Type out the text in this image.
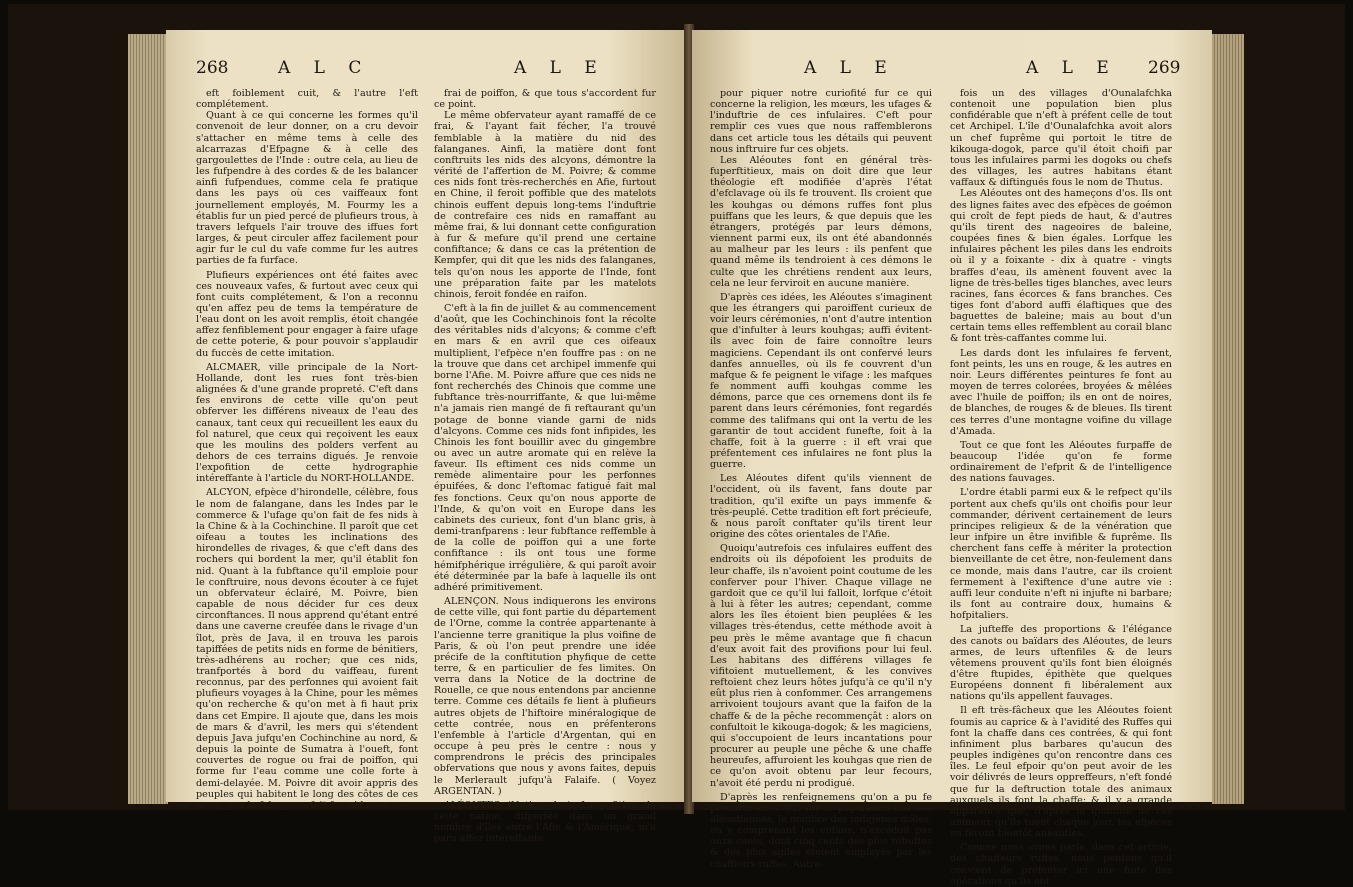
268	A L C	A L E

eft foiblement cuit, & l'autre l'eft complétement.

Quant à ce qui concerne les formes qu'il convenoit de leur donner, on a cru devoir s'attacher en même tems à celle des alcarrazas d'Efpagne & à celle des gargoulettes de l'Inde : outre cela, au lieu de les fufpendre à des cordes & de les balancer ainfi fufpendues, comme cela fe pratique dans les pays où ces vaiffeaux font journellement employés, M. Fourmy les a établis fur un pied percé de plufieurs trous, à travers lefquels l'air trouve des iffues fort larges, & peut circuler affez facilement pour agir fur le cul du vafe comme fur les autres parties de fa furface.

Plufieurs expériences ont été faites avec ces nouveaux vafes, & furtout avec ceux qui font cuits complétement, & l'on a reconnu qu'en affez peu de tems la température de l'eau dont on les avoit remplis, étoit changée affez fenfiblement pour engager à faire ufage de cette poterie, & pour pouvoir s'applaudir du fuccès de cette imitation.

ALCMAER, ville principale de la Nort-Hollande, dont les rues font très-bien alignées & d'une grande propreté. C'eft dans fes environs de cette ville qu'on peut obferver les différens niveaux de l'eau des canaux, tant ceux qui recueillent les eaux du fol naturel, que ceux qui reçoivent les eaux que les moulins des polders verfent au dehors de ces terrains digués. Je renvoie l'expofition de cette hydrographie intéreffante à l'article du NORT-HOLLANDE.

ALCYON, efpèce d'hirondelle, célèbre, fous le nom de falangane, dans les Indes par le commerce & l'ufage qu'on fait de fes nids à la Chine & à la Cochinchine. Il paroît que cet oifeau a toutes les inclinations des hirondelles de rivages, & que c'eft dans des rochers qui bordent la mer, qu'il établit fon nid. Quant à la fubftance qu'il emploie pour le conftruire, nous devons écouter à ce fujet un obfervateur éclairé, M. Poivre, bien capable de nous décider fur ces deux circonftances. Il nous apprend qu'étant entré dans une caverne creufée dans le rivage d'un îlot, près de Java, il en trouva les parois tapiffées de petits nids en forme de bénitiers, très-adhérens au rocher; que ces nids, tranfportés à bord du vaiffeau, furent reconnus, par des perfonnes qui avoient fait plufieurs voyages à la Chine, pour les mêmes qu'on recherche & qu'on met à fi haut prix dans cet Empire. Il ajoute que, dans les mois de mars & d'avril, les mers qui s'étendent depuis Java jufqu'en Cochinchine au nord, & depuis la pointe de Sumatra à l'oueft, font couvertes de rogue ou frai de poiffon, qui forme fur l'eau comme une colle forte à demi-delayée. M. Poivre dit avoir appris des peuples qui habitent le long des côtes de ces mers, que la falangane fait fon nid avec ce

frai de poiffon, & que tous s'accordent fur ce point.

Le même obfervateur ayant ramaffé de ce frai, & l'ayant fait fécher, l'a trouvé femblable à la matière du nid des falanganes. Ainfi, la matière dont font conftruits les nids des alcyons, démontre la vérité de l'affertion de M. Poivre; & comme ces nids font très-recherchés en Afie, furtout en Chine, il feroit poffible que des matelots chinois euffent depuis long-tems l'induftrie de contrefaire ces nids en ramaffant au même frai, & lui donnant cette configuration à fur & mefure qu'il prend une certaine confiftance; & dans ce cas la prétention de Kempfer, qui dit que les nids des falanganes, tels qu'on nous les apporte de l'Inde, font une préparation faite par les matelots chinois, feroit fondée en raifon.

C'eft à la fin de juillet & au commencement d'août, que les Cochinchinois font la récolte des véritables nids d'alcyons; & comme c'eft en mars & en avril que ces oifeaux multiplient, l'efpèce n'en fouffre pas : on ne la trouve que dans cet archipel immenfe qui borne l'Afie. M. Poivre affure que ces nids ne font recherchés des Chinois que comme une fubftance très-nourriffante, & que lui-même n'a jamais rien mangé de fi reftaurant qu'un potage de bonne viande garni de nids d'alcyons. Comme ces nids font infipides, les Chinois les font bouillir avec du gingembre ou avec un autre aromate qui en relève la faveur. Ils eftiment ces nids comme un remède alimentaire pour les perfonnes épuifées, & donc l'eftomac fatigué fait mal fes fonctions. Ceux qu'on nous apporte de l'Inde, & qu'on voit en Europe dans les cabinets des curieux, font d'un blanc gris, à demi-tranfparens : leur fubftance reffemble à de la colle de poiffon qui a une forte confiftance : ils ont tous une forme hémifphérique irrégulière, & qui paroît avoir été déterminée par la bafe à laquelle ils ont adhéré primitivement.

ALENÇON. Nous indiquerons les environs de cette ville, qui font partie du département de l'Orne, comme la contrée appartenante à l'ancienne terre granitique la plus voifine de Paris, & où l'on peut prendre une idée précife de la conftitution phyfique de cette terre, & en particulier de fes limites. On verra dans la Notice de la doctrine de Rouelle, ce que nous entendons par ancienne terre. Comme ces détails fe lient à plufieurs autres objets de l'hiftoire minéralogique de cette contrée, nous en préfenterons l'enfemble à l'article d'Argentan, qui en occupe à peu près le centre : nous y comprendrons le précis des principales obfervations que nous y avons faites, depuis le Merlerault jufqu'à Falaife. ( Voyez ARGENTAN. )

ALÉOUTES (Nation des). La pofition de cette nation, difperfée dans un grand nombre d'îles entre l'Afie & l'Amérique, m'a paru affez intéreffante

A L E	A L E 269

pour piquer notre curiofité fur ce qui concerne la religion, les mœurs, les ufages & l'induftrie de ces infulaires. C'eft pour remplir ces vues que nous raffemblerons dans cet article tous les détails qui peuvent nous inftruire fur ces objets.

Les Aléoutes font en général très-fuperftitieux, mais on doit dire que leur théologie eft modifiée d'après l'état d'efclavage où ils fe trouvent. Ils croient que les kouhgas ou démons ruffes font plus puiffans que les leurs, & que depuis que les étrangers, protégés par leurs démons, viennent parmi eux, ils ont été abandonnés au malheur par les leurs : ils penfent que quand même ils tendroient à ces démons le culte que les chrétiens rendent aux leurs, cela ne leur ferviroit en aucune manière.

D'après ces idées, les Aléoutes s'imaginent que les étrangers qui paroiffent curieux de voir leurs cérémonies, n'ont d'autre intention que d'infulter à leurs kouhgas; auffi évitent-ils avec foin de faire connoître leurs magiciens. Cependant ils ont confervé leurs danfes annuelles, où ils fe couvrent d'un mafque & fe peignent le vifage : les mafques fe nomment auffi kouhgas comme les démons, parce que ces ornemens dont ils fe parent dans leurs cérémonies, font regardés comme des talifmans qui ont la vertu de les garantir de tout accident funefte, foit à la chaffe, foit à la guerre : il eft vrai que préfentement ces infulaires ne font plus la guerre.

Les Aléoutes difent qu'ils viennent de l'occident, où ils favent, fans doute par tradition, qu'il exifte un pays immenfe & très-peuplé. Cette tradition eft fort précieufe, & nous paroît conftater qu'ils tirent leur origine des côtes orientales de l'Afie.

Quoiqu'autrefois ces infulaires euffent des endroits où ils dépofoient les produits de leur chaffe, ils n'avoient point coutume de les conferver pour l'hiver. Chaque village ne gardoit que ce qu'il lui falloit, lorfque c'étoit à lui à fêter les autres; cependant, comme alors les îles étoient bien peuplées & les villages très-étendus, cette méthode avoit à peu près le même avantage que fi chacun d'eux avoit fait des provifions pour lui feul. Les habitans des différens villages fe vifitoient mutuellement, & les convives reftoient chez leurs hôtes jufqu'à ce qu'il n'y eût plus rien à confommer. Ces arrangemens arrivoient toujours avant que la faifon de la chaffe & de la pêche recommençât : alors on confultoit le kikouga-dogok; & les magiciens, qui s'occupoient de leurs incantations pour procurer au peuple une pêche & une chaffe heureufes, affuroient les kouhgas que rien de ce qu'on avoit obtenu par leur fecours, n'avoit été perdu ni prodigué.

D'après les renfeignemens qu'on a pu fe procurer en 1792, fur la population des îles aléoutiennes, le nombre des indigènes mâles, en y comprenant les enfans, n'excédoit pas onze cents, dont cinq cents des plus robuftes & des plus agiles étoient employés par les chaffeurs ruffes. Autre-

fois un des villages d'Ounalafchka contenoit une population bien plus confidérable que n'eft à préfent celle de tout cet Archipel. L'île d'Ounalafchka avoit alors un chef fuprême qui portoit le titre de kikouga-dogok, parce qu'il étoit choifi par tous les infulaires parmi les dogoks ou chefs des villages, les autres habitans étant vaffaux & diftingués fous le nom de Thutus.

Les Aléoutes ont des hameçons d'os. Ils ont des lignes faites avec des efpèces de goémon qui croît de fept pieds de haut, & d'autres qu'ils tirent des nageoires de baleine, coupées fines & bien égales. Lorfque les infulaires pêchent les piles dans les endroits où il y a foixante - dix à quatre - vingts braffes d'eau, ils amènent fouvent avec la ligne de très-belles tiges blanches, avec leurs racines, fans écorces & fans branches. Ces tiges font d'abord auffi élaftiques que des baguettes de baleine; mais au bout d'un certain tems elles reffemblent au corail blanc & font très-caffantes comme lui.

Les dards dont les infulaires fe fervent, font peints, les uns en rouge, & les autres en noir. Leurs différentes peintures fe font au moyen de terres colorées, broyées & mêlées avec l'huile de poiffon; ils en ont de noires, de blanches, de rouges & de bleues. Ils tirent ces terres d'une montagne voifine du village d'Amada.

Tout ce que font les Aléoutes furpaffe de beaucoup l'idée qu'on fe forme ordinairement de l'efprit & de l'intelligence des nations fauvages.

L'ordre établi parmi eux & le refpect qu'ils portent aux chefs qu'ils ont choifis pour leur commander, dérivent certainement de leurs principes religieux & de la vénération que leur infpire un être invifible & fuprême. Ils cherchent fans ceffe à mériter la protection bienveillante de cet être, non-feulement dans ce monde, mais dans l'autre, car ils croient fermement à l'exiftence d'une autre vie : auffi leur conduite n'eft ni injufte ni barbare; ils font au contraire doux, humains & hofpitaliers.

La jufteffe des proportions & l'élégance des canots ou baïdars des Aléoutes, de leurs armes, de leurs uftenfiles & de leurs vêtemens prouvent qu'ils font bien éloignés d'être ftupides, épithète que quelques Européens donnent fi libéralement aux nations qu'ils appellent fauvages.

Il eft très-fâcheux que les Aléoutes foient foumis au caprice & à l'avidité des Ruffes qui font la chaffe dans ces contrées, & qui font infiniment plus barbares qu'aucun des peuples indigènes qu'on rencontre dans ces îles. Le feul efpoir qu'on peut avoir de les voir délivrés de leurs oppreffeurs, n'eft fondé que fur la deftruction totale des animaux auxquels ils font la chaffe; & il y a grande apparence que, d'après la quantité de ces animaux qu'ils tuent chaque jour, les efpèces en feront bientôt anéanties.

Comme nous avons parlé, dans cet article, des chaffeurs ruffes, nous penfons qu'il convient de préfenter ici une fuite des opérations qu'ils ont
